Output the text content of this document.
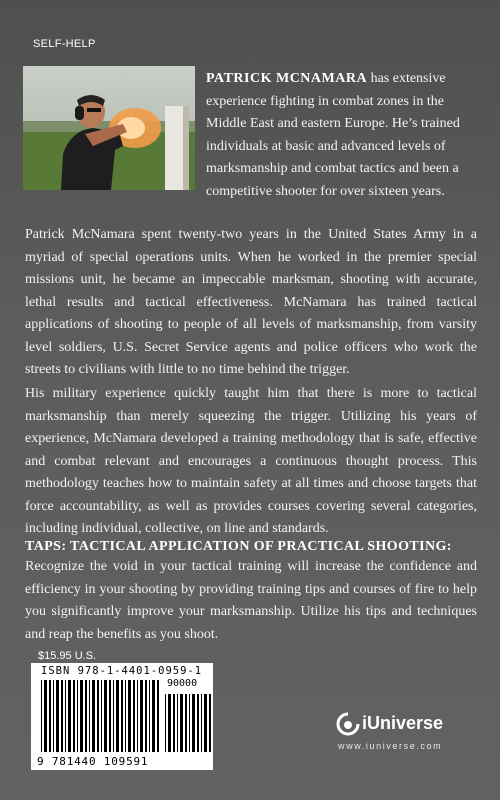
SELF-HELP
PATRICK MCNAMARA has extensive experience fighting in combat zones in the Middle East and eastern Europe. He’s trained individuals at basic and advanced levels of marksmanship and combat tactics and been a competitive shooter for over sixteen years.

Patrick McNamara spent twenty-two years in the United States Army in a myriad of special operations units. When he worked in the premier special missions unit, he became an impeccable marksman, shooting with accurate, lethal results and tactical effectiveness. McNamara has trained tactical applications of shooting to people of all levels of marksmanship, from varsity level soldiers, U.S. Secret Service agents and police officers who work the streets to civilians with little to no time behind the trigger.

His military experience quickly taught him that there is more to tactical marksmanship than merely squeezing the trigger. Utilizing his years of experience, McNamara developed a training methodology that is safe, effective and combat relevant and encourages a continuous thought process. This methodology teaches how to maintain safety at all times and choose targets that force accountability, as well as provides courses covering several categories, including individual, collective, on line and standards.

TAPS: TACTICAL APPLICATION OF PRACTICAL SHOOTING:

Recognize the void in your tactical training will increase the confidence and efficiency in your shooting by providing training tips and courses of fire to help you significantly improve your marksmanship. Utilize his tips and techniques and reap the benefits as you shoot.

$15.95 U.S.
ISBN 978-1-4401-0959-1
90000
9 781440 109591
iUniverse
www.iuniverse.com
